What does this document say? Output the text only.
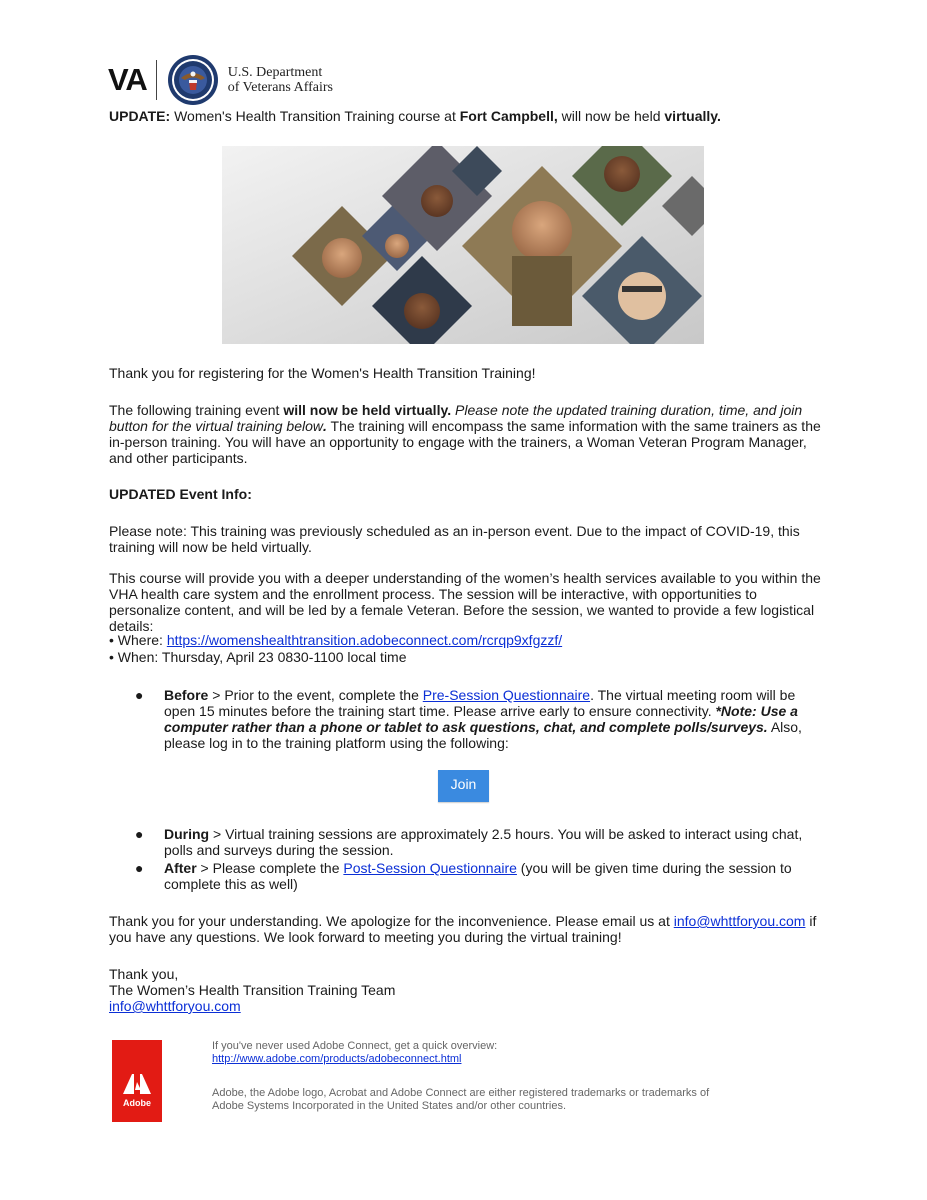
VA	U.S. Department
of Veterans Affairs
UPDATE: Women's Health Transition Training course at Fort Campbell, will now be held virtually.
Thank you for registering for the Women's Health Transition Training!
The following training event will now be held virtually. Please note the updated training duration, time, and join button for the virtual training below. The training will encompass the same information with the same trainers as the in-person training. You will have an opportunity to engage with the trainers, a Woman Veteran Program Manager, and other participants.
UPDATED Event Info:
Please note: This training was previously scheduled as an in-person event. Due to the impact of COVID-19, this training will now be held virtually.
This course will provide you with a deeper understanding of the women’s health services available to you within the VHA health care system and the enrollment process. The session will be interactive, with opportunities to personalize content, and will be led by a female Veteran. Before the session, we wanted to provide a few logistical details:
• Where: https://womenshealthtransition.adobeconnect.com/rcrqp9xfgzzf/
• When: Thursday, April 23 0830-1100 local time
● Before > Prior to the event, complete the Pre-Session Questionnaire. The virtual meeting room will be open 15 minutes before the training start time. Please arrive early to ensure connectivity. *Note: Use a computer rather than a phone or tablet to ask questions, chat, and complete polls/surveys. Also, please log in to the training platform using the following:
Join
● During > Virtual training sessions are approximately 2.5 hours. You will be asked to interact using chat, polls and surveys during the session.
● After > Please complete the Post-Session Questionnaire (you will be given time during the session to complete this as well)
Thank you for your understanding. We apologize for the inconvenience. Please email us at info@whttforyou.com if you have any questions. We look forward to meeting you during the virtual training!
Thank you,
The Women’s Health Transition Training Team
info@whttforyou.com
Adobe
If you've never used Adobe Connect, get a quick overview:
http://www.adobe.com/products/adobeconnect.html
Adobe, the Adobe logo, Acrobat and Adobe Connect are either registered trademarks or trademarks of
Adobe Systems Incorporated in the United States and/or other countries.
